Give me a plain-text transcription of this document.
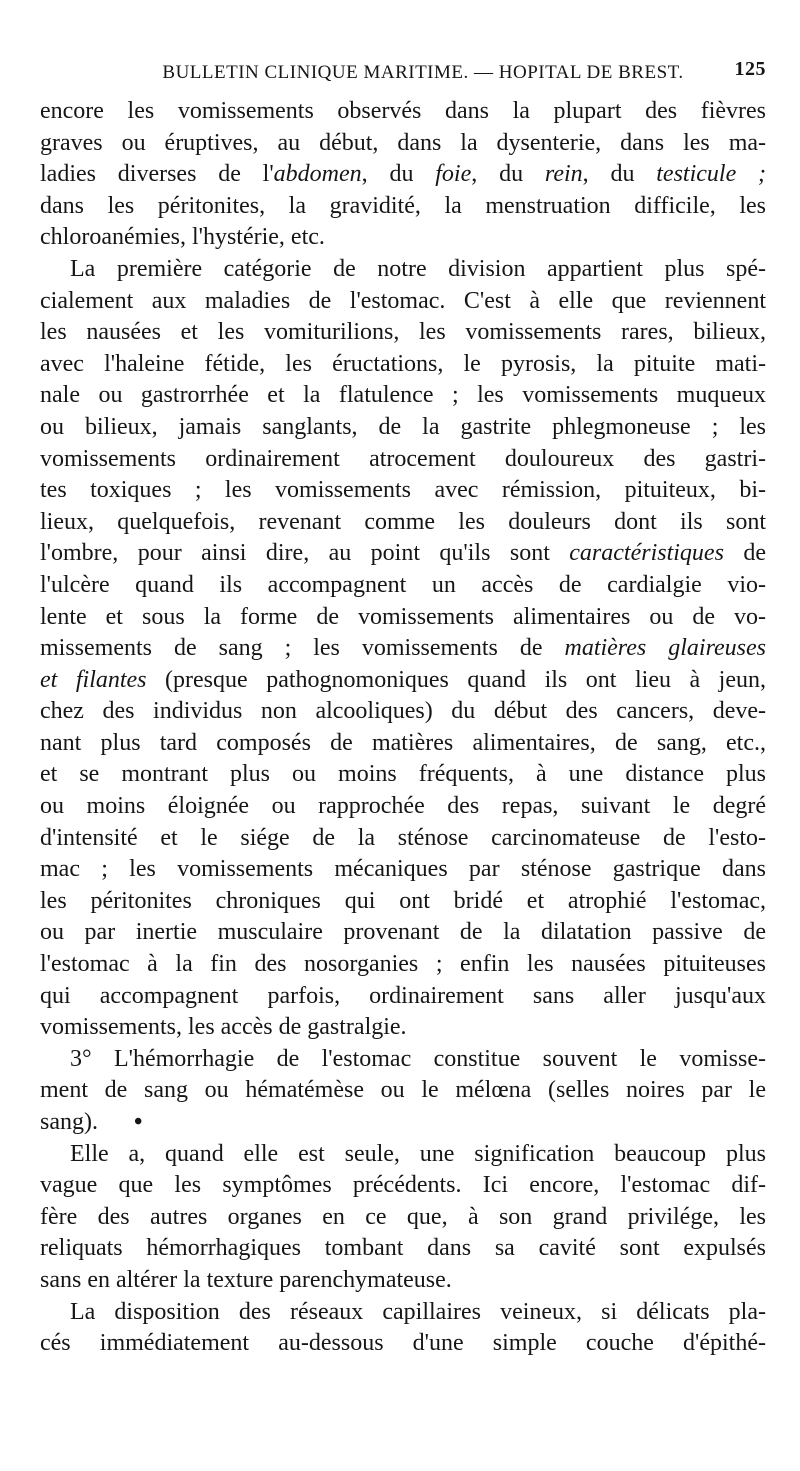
BULLETIN CLINIQUE MARITIME. — HOPITAL DE BREST.	125
encore les vomissements observés dans la plupart des fièvres
graves ou éruptives, au début, dans la dysenterie, dans les ma-
ladies diverses de l'abdomen, du foie, du rein, du testicule ;
dans les péritonites, la gravidité, la menstruation difficile, les
chloroanémies, l'hystérie, etc.
La première catégorie de notre division appartient plus spé-
cialement aux maladies de l'estomac. C'est à elle que reviennent
les nausées et les vomiturilions, les vomissements rares, bilieux,
avec l'haleine fétide, les éructations, le pyrosis, la pituite mati-
nale ou gastrorrhée et la flatulence ; les vomissements muqueux
ou bilieux, jamais sanglants, de la gastrite phlegmoneuse ; les
vomissements ordinairement atrocement douloureux des gastri-
tes toxiques ; les vomissements avec rémission, pituiteux, bi-
lieux, quelquefois, revenant comme les douleurs dont ils sont
l'ombre, pour ainsi dire, au point qu'ils sont caractéristiques de
l'ulcère quand ils accompagnent un accès de cardialgie vio-
lente et sous la forme de vomissements alimentaires ou de vo-
missements de sang ; les vomissements de matières glaireuses
et filantes (presque pathognomoniques quand ils ont lieu à jeun,
chez des individus non alcooliques) du début des cancers, deve-
nant plus tard composés de matières alimentaires, de sang, etc.,
et se montrant plus ou moins fréquents, à une distance plus
ou moins éloignée ou rapprochée des repas, suivant le degré
d'intensité et le siége de la sténose carcinomateuse de l'esto-
mac ; les vomissements mécaniques par sténose gastrique dans
les péritonites chroniques qui ont bridé et atrophié l'estomac,
ou par inertie musculaire provenant de la dilatation passive de
l'estomac à la fin des nosorganies ; enfin les nausées pituiteuses
qui accompagnent parfois, ordinairement sans aller jusqu'aux
vomissements, les accès de gastralgie.
3° L'hémorrhagie de l'estomac constitue souvent le vomisse-
ment de sang ou hématémèse ou le mélœna (selles noires par le
sang). •
Elle a, quand elle est seule, une signification beaucoup plus
vague que les symptômes précédents. Ici encore, l'estomac dif-
fère des autres organes en ce que, à son grand privilége, les
reliquats hémorrhagiques tombant dans sa cavité sont expulsés
sans en altérer la texture parenchymateuse.
La disposition des réseaux capillaires veineux, si délicats pla-
cés immédiatement au-dessous d'une simple couche d'épithé-
